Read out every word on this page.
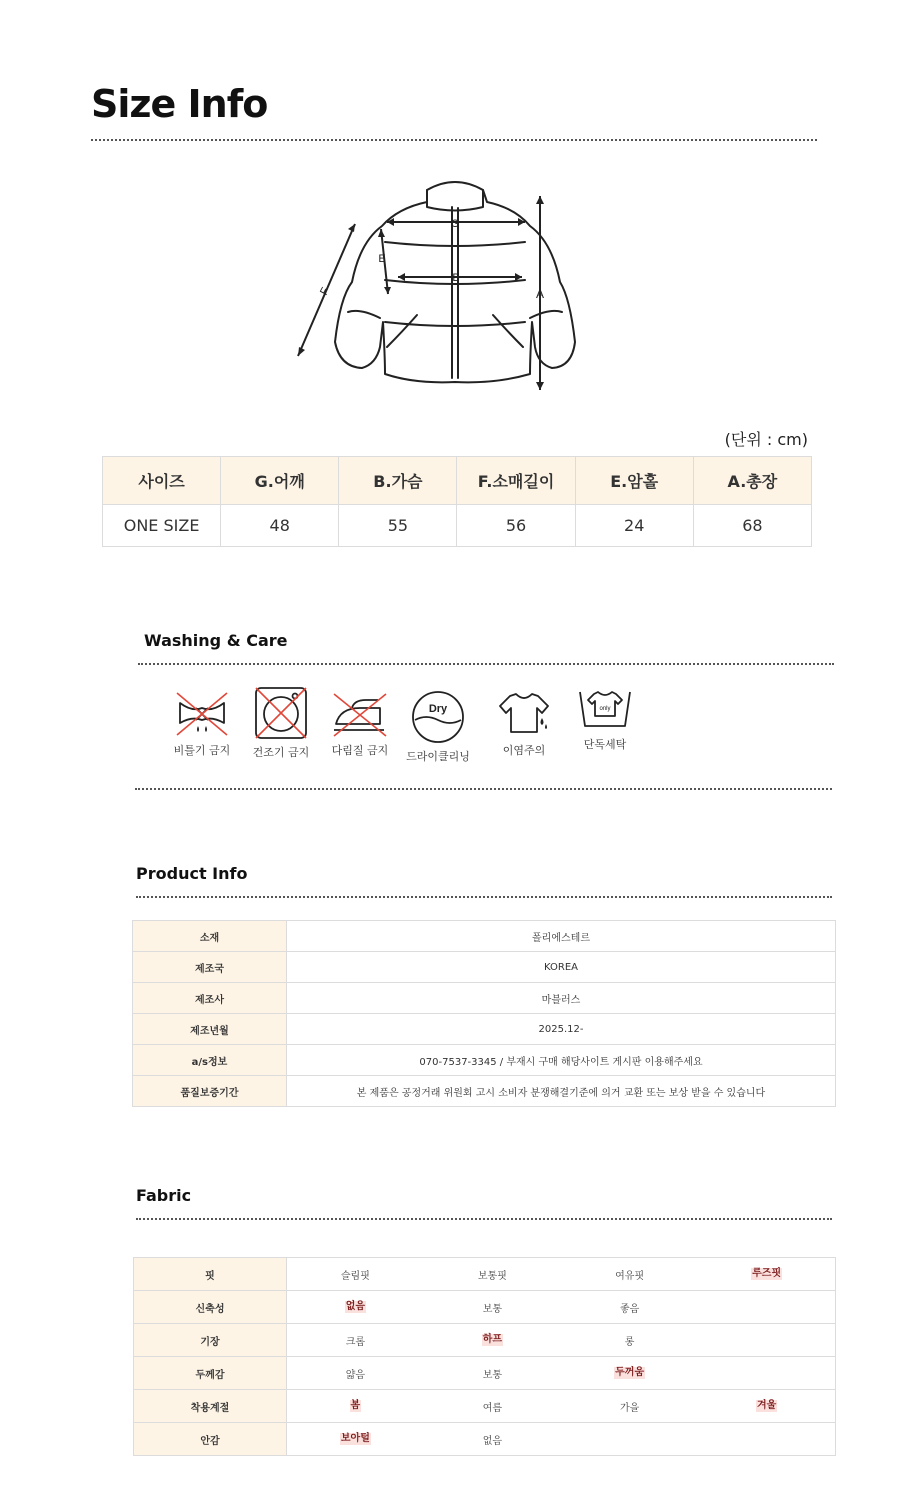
Size Info
G
B
E
F	A
(단위 : cm)
사이즈	G.어깨	B.가슴	F.소매길이	E.암홀	A.총장
ONE SIZE	48	55	56	24	68
Washing & Care
비틀기 금지	건조기 금지	다림질 금지
Dry
드라이클리닝	이염주의
only
단독세탁
Product Info
소재	폴리에스테르
제조국	KOREA
제조사	마블러스
제조년월	2025.12-
a/s정보	070-7537-3345 / 부재시 구매 해당사이트 게시판 이용해주세요
품질보증기간	본 제품은 공정거래 위원회 고시 소비자 분쟁해결기준에 의거 교환 또는 보상 받을 수 있습니다
Fabric
핏	슬림핏	보통핏	여유핏	루즈핏
신축성	없음	보통	좋음	
기장	크롭	하프	롱	
두께감	얇음	보통	두꺼움	
착용계절	봄	여름	가을	겨울
안감	보아털	없음		
